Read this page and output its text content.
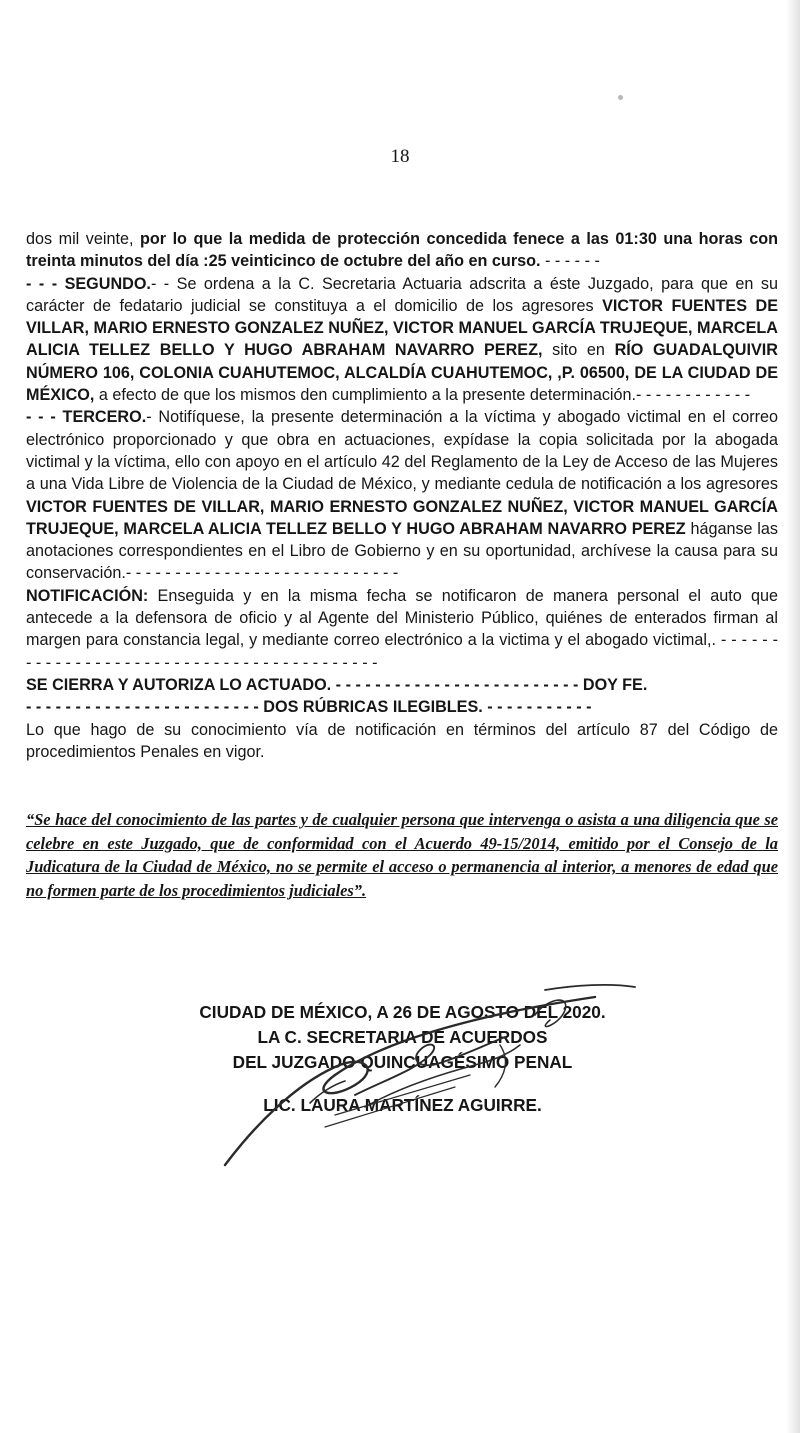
18

dos mil veinte, por lo que la medida de protección concedida fenece a las 01:30 una horas con treinta minutos del día :25 veinticinco de octubre del año en curso. - - - - - -

- - - SEGUNDO.- - Se ordena a la C. Secretaria Actuaria adscrita a éste Juzgado, para que en su carácter de fedatario judicial se constituya a el domicilio de los agresores VICTOR FUENTES DE VILLAR, MARIO ERNESTO GONZALEZ NUÑEZ, VICTOR MANUEL GARCÍA TRUJEQUE, MARCELA ALICIA TELLEZ BELLO Y HUGO ABRAHAM NAVARRO PEREZ, sito en RÍO GUADALQUIVIR NÚMERO 106, COLONIA CUAHUTEMOC, ALCALDÍA CUAHUTEMOC, ,P. 06500, DE LA CIUDAD DE MÉXICO, a efecto de que los mismos den cumplimiento a la presente determinación.- - - - - - - - - - - -

- - - TERCERO.- Notifíquese, la presente determinación a la víctima y abogado victimal en el correo electrónico proporcionado y que obra en actuaciones, expídase la copia solicitada por la abogada victimal y la víctima, ello con apoyo en el artículo 42 del Reglamento de la Ley de Acceso de las Mujeres a una Vida Libre de Violencia de la Ciudad de México, y mediante cedula de notificación a los agresores VICTOR FUENTES DE VILLAR, MARIO ERNESTO GONZALEZ NUÑEZ, VICTOR MANUEL GARCÍA TRUJEQUE, MARCELA ALICIA TELLEZ BELLO Y HUGO ABRAHAM NAVARRO PEREZ háganse las anotaciones correspondientes en el Libro de Gobierno y en su oportunidad, archívese la causa para su conservación.- - - - - - - - - - - - - - - - - - - - - - - - - - - -

NOTIFICACIÓN: Enseguida y en la misma fecha se notificaron de manera personal el auto que antecede a la defensora de oficio y al Agente del Ministerio Público, quiénes de enterados firman al margen para constancia legal, y mediante correo electrónico a la victima y el abogado victimal,. - - - - - - - - - - - - - - - - - - - - - - - - - - - - - - - - - - - - - - - - - -

SE CIERRA Y AUTORIZA LO ACTUADO. - - - - - - - - - - - - - - - - - - - - - - - - - DOY FE.

- - - - - - - - - - - - - - - - - - - - - - - - DOS RÚBRICAS ILEGIBLES. - - - - - - - - - - -

Lo que hago de su conocimiento vía de notificación en términos del artículo 87 del Código de procedimientos Penales en vigor.

“Se hace del conocimiento de las partes y de cualquier persona que intervenga o asista a una diligencia que se celebre en este Juzgado, que de conformidad con el Acuerdo 49-15/2014, emitido por el Consejo de la Judicatura de la Ciudad de México, no se permite el acceso o permanencia al interior, a menores de edad que no formen parte de los procedimientos judiciales”.
CIUDAD DE MÉXICO, A 26 DE AGOSTO DEL 2020.
LA C. SECRETARIA DE ACUERDOS
DEL JUZGADO QUINCUAGÉSIMO PENAL
LIC. LAURA MARTÍNEZ AGUIRRE.
